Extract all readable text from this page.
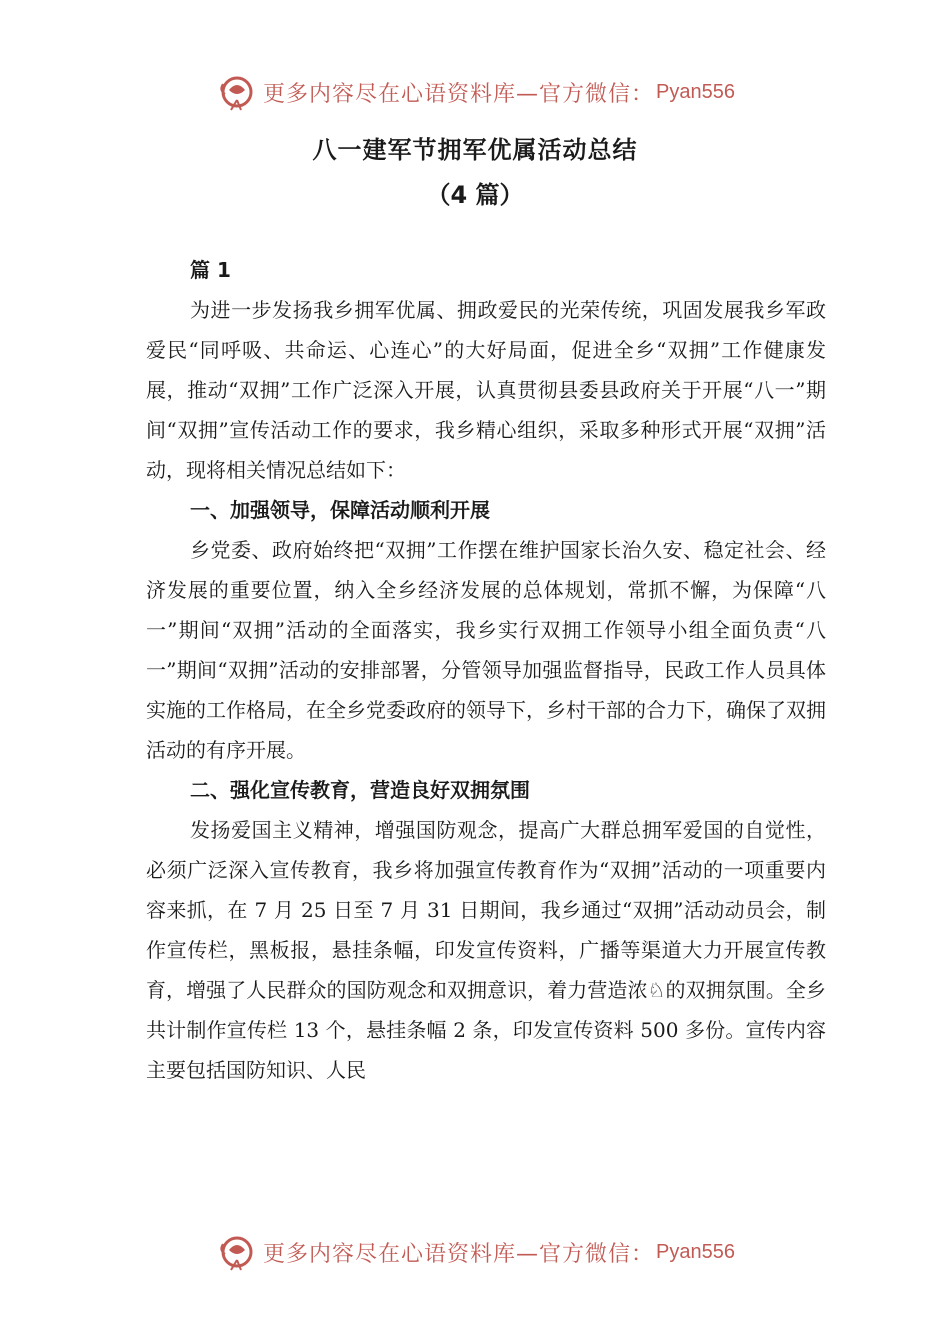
更多内容尽在心语资料库—官方微信： Pyan556
八一建军节拥军优属活动总结
（4 篇）

篇 1

为进一步发扬我乡拥军优属、拥政爱民的光荣传统，巩固发展我乡军政爱民“同呼吸、共命运、心连心”的大好局面，促进全乡“双拥”工作健康发展，推动“双拥”工作广泛深入开展，认真贯彻县委县政府关于开展“八一”期间“双拥”宣传活动工作的要求，我乡精心组织，采取多种形式开展“双拥”活动，现将相关情况总结如下：

一、加强领导，保障活动顺利开展

乡党委、政府始终把“双拥”工作摆在维护国家长治久安、稳定社会、经济发展的重要位置，纳入全乡经济发展的总体规划，常抓不懈，为保障“八一”期间“双拥”活动的全面落实，我乡实行双拥工作领导小组全面负责“八一”期间“双拥”活动的安排部署，分管领导加强监督指导，民政工作人员具体实施的工作格局，在全乡党委政府的领导下，乡村干部的合力下，确保了双拥活动的有序开展。

二、强化宣传教育，营造良好双拥氛围

发扬爱国主义精神，增强国防观念，提高广大群总拥军爱国的自觉性，必须广泛深入宣传教育，我乡将加强宣传教育作为“双拥”活动的一项重要内容来抓，在 7 月 25 日至 7 月 31 日期间，我乡通过“双拥”活动动员会，制作宣传栏，黑板报，悬挂条幅，印发宣传资料，广播等渠道大力开展宣传教育，增强了人民群众的国防观念和双拥意识，着力营造浓♘的双拥氛围。全乡共计制作宣传栏 13 个，悬挂条幅 2 条，印发宣传资料 500 多份。宣传内容主要包括国防知识、人民

更多内容尽在心语资料库—官方微信： Pyan556
